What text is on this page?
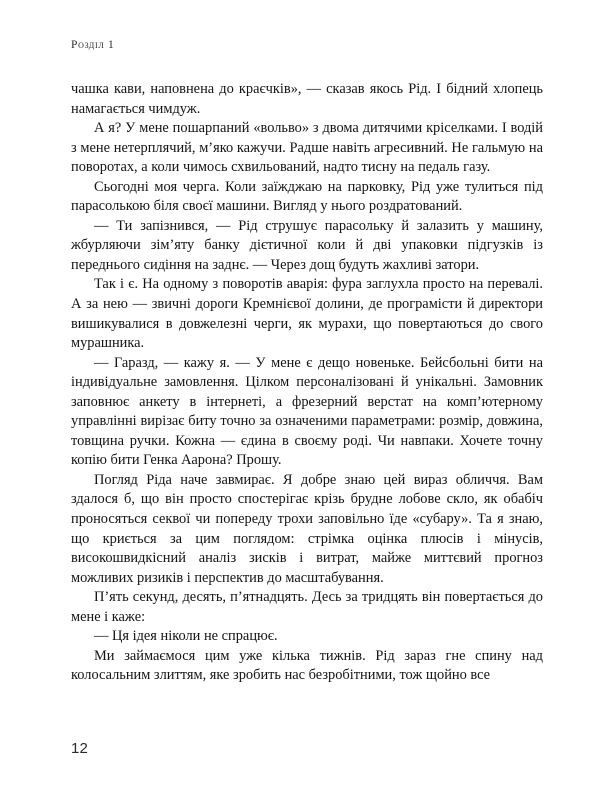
Розділ 1

чашка кави, наповнена до краєчків», — сказав якось Рід. І бідний хлопець намагається чимдуж.

А я? У мене пошарпаний «вольво» з двома дитячими кріселками. І водій з мене нетерплячий, м’яко кажучи. Радше навіть агресивний. Не гальмую на поворотах, а коли чимось схвильований, надто тисну на педаль газу.

Сьогодні моя черга. Коли заїжджаю на парковку, Рід уже тулиться під парасолькою біля своєї машини. Вигляд у нього роздратований.

— Ти запізнився, — Рід струшує парасольку й залазить у машину, жбурляючи зім’яту банку дієтичної коли й дві упаковки підгузків із переднього сидіння на заднє. — Через дощ будуть жахливі затори.

Так і є. На одному з поворотів аварія: фура заглухла просто на перевалі. А за нею — звичні дороги Кремнієвої долини, де програмісти й директори вишикувалися в довжелезні черги, як мурахи, що повертаються до свого мурашника.

— Гаразд, — кажу я. — У мене є дещо новеньке. Бейсбольні бити на індивідуальне замовлення. Цілком персоналізовані й унікальні. Замовник заповнює анкету в інтернеті, а фрезерний верстат на комп’ютерному управлінні вирізає биту точно за означеними параметрами: розмір, довжина, товщина ручки. Кожна — єдина в своєму роді. Чи навпаки. Хочете точну копію бити Генка Аарона? Прошу.

Погляд Ріда наче завмирає. Я добре знаю цей вираз обличчя. Вам здалося б, що він просто спостерігає крізь брудне лобове скло, як обабіч проносяться секвої чи попереду трохи заповільно їде «субару». Та я знаю, що криється за цим поглядом: стрімка оцінка плюсів і мінусів, високошвидкісний аналіз зисків і витрат, майже миттєвий прогноз можливих ризиків і перспектив до масштабування.

П’ять секунд, десять, п’ятнадцять. Десь за тридцять він повертається до мене і каже:

— Ця ідея ніколи не спрацює.

Ми займаємося цим уже кілька тижнів. Рід зараз гне спину над колосальним злиттям, яке зробить нас безробітними, тож щойно все

12
